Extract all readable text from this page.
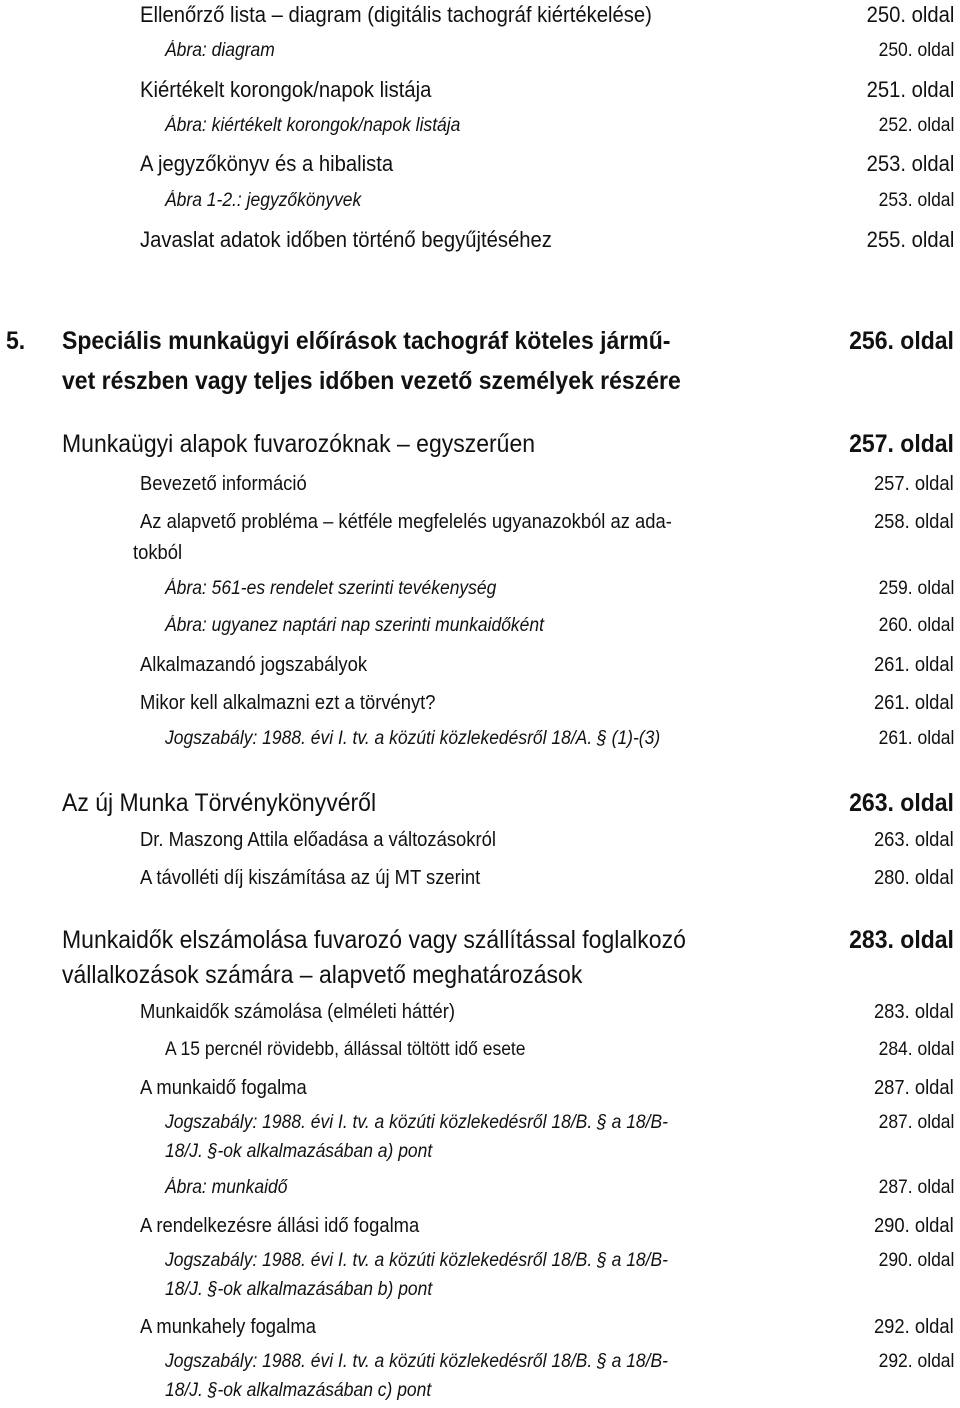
Ellenőrző lista – diagram (digitális tachográf kiértékelése)	250. oldal
Ábra: diagram	250. oldal
Kiértékelt korongok/napok listája	251. oldal
Ábra: kiértékelt korongok/napok listája	252. oldal
A jegyzőkönyv és a hibalista	253. oldal
Ábra 1-2.: jegyzőkönyvek	253. oldal
Javaslat adatok időben történő begyűjtéséhez	255. oldal
5. Speciális munkaügyi előírások tachográf köteles jármű-
vet részben vagy teljes időben vezető személyek részére
256. oldal
Munkaügyi alapok fuvarozóknak – egyszerűen	257. oldal
Bevezető információ	257. oldal
Az alapvető probléma – kétféle megfelelés ugyanazokból az ada-
tokból
258. oldal
Ábra: 561-es rendelet szerinti tevékenység	259. oldal
Ábra: ugyanez naptári nap szerinti munkaidőként	260. oldal
Alkalmazandó jogszabályok	261. oldal
Mikor kell alkalmazni ezt a törvényt?	261. oldal
Jogszabály: 1988. évi I. tv. a közúti közlekedésről 18/A. § (1)-(3)	261. oldal
Az új Munka Törvénykönyvéről	263. oldal
Dr. Maszong Attila előadása a változásokról	263. oldal
A távolléti díj kiszámítása az új MT szerint	280. oldal
Munkaidők elszámolása fuvarozó vagy szállítással foglalkozó
vállalkozások számára – alapvető meghatározások
283. oldal
Munkaidők számolása (elméleti háttér)	283. oldal
A 15 percnél rövidebb, állással töltött idő esete	284. oldal
A munkaidő fogalma	287. oldal
Jogszabály: 1988. évi I. tv. a közúti közlekedésről 18/B. § a 18/B-
18/J. §-ok alkalmazásában a) pont
287. oldal
Ábra: munkaidő	287. oldal
A rendelkezésre állási idő fogalma	290. oldal
Jogszabály: 1988. évi I. tv. a közúti közlekedésről 18/B. § a 18/B-
18/J. §-ok alkalmazásában b) pont
290. oldal
A munkahely fogalma	292. oldal
Jogszabály: 1988. évi I. tv. a közúti közlekedésről 18/B. § a 18/B-
18/J. §-ok alkalmazásában c) pont
292. oldal
